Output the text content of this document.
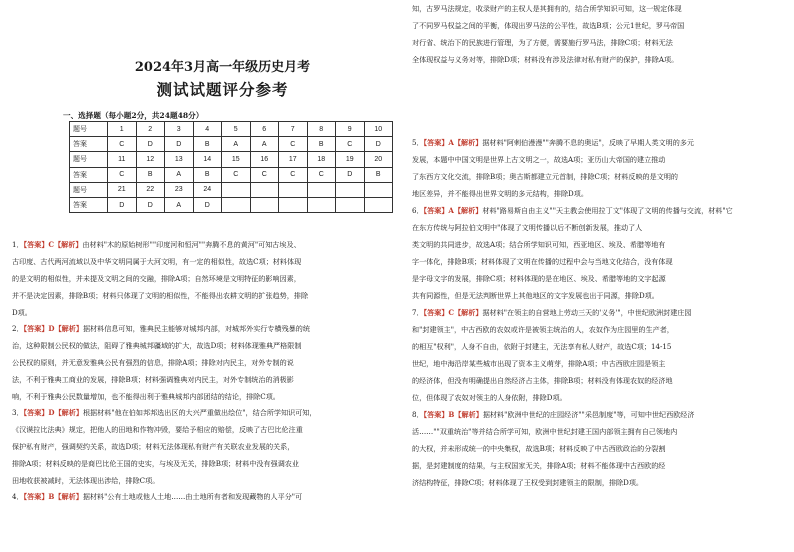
2024年3月高一年级历史月考
测试试题评分参考
一、选择题（每小题2分，共24题48分）
题号	1	2	3	4	5	6	7	8	9	10
答案	C	D	D	B	A	A	C	B	C	D
题号	11	12	13	14	15	16	17	18	19	20
答案	C	B	A	B	C	C	C	C	D	B
题号	21	22	23	24						
答案	D	D	A	D						
1．【答案】C【解析】由材料"木的原始树形""印度河和恒河""奔腾不息的黄河"可知古埃及、
古印度、古代两河流域以及中华文明同属于大河文明，有一定的相似性，故选C项；材料体现
的是文明的相似性，并未提及文明之间的交融，排除A项；自然环境是文明特征的影响因素，
并不是决定因素，排除B项；材料只体现了文明的相似性，不能得出农耕文明的扩张趋势，排除
D项。
2．【答案】D【解析】据材料信息可知，雅典民主能够对城邦内部，对城邦外实行专横残暴的统
治，这种限制公民权的做法，阻碍了雅典城邦疆域的扩大，故选D项；材料体现雅典严格限制
公民权的原则，并无意发雅典公民有强烈的信息，排除A项；排除对内民主，对外专制的说
法，不利于雅典工商业的发展，排除B项；材料强调雅典对内民主，对外专制统治的消极影
响，不利于雅典公民数量增加，也不能得出利于雅典城邦内部团结的结论，排除C项。
3．【答案】D【解析】根据材料"他在伯如邦邦选出区的大兴严重做出绘位"，结合所学知识可知，
《汉谟拉比法典》规定，把他人的田地和作物冲毁，要给予相应的赔偿，反映了古巴比伦注重
保护私有财产，强调契约关系，故选D项；材料无法体现私有财产有关联农业发展的关系，
排除A项；材料反映的是商巴比伦王国的史实，与埃及无关，排除B项；材料中没有强调农业
田地收获被减时，无法体现出涉给，排除C项。
4．【答案】B【解析】据材料"公有土地或他人土地……由土地所有者和发现藏物的人平分"可
知，古罗马法规定，收录财产的主权人是其拥有的，结合所学知识可知，这一规定体现
了不同罗马权益之间的平衡，体现出罗马法的公平性，故选B项；公元1世纪，罗马帝国
对行省、统治下的民族进行管理，为了方便，需要施行罗马法，排除C项；材料无法
全体现权益与义务对等，排除D项；材料没有涉及法律对私有财产的保护，排除A项。
5．【答案】A【解析】据材料"阿剌伯漫漫""奔腾不息的奥运"，反映了早期人类文明的多元
发展，本题中中国文明是世界上古文明之一，故选A项；亚历山大帝国的建立推动
了东西方文化交流，排除B项；奥古斯都建立元首制，排除C项；材料反映的是文明的
地区差异，并不能得出世界文明的多元结构，排除D项。
6．【答案】A【解析】材料"路易斯自由主义""天主教会使用拉丁文"体现了文明的传播与交流，材料"它
在东方传统与阿拉伯文明中"体现了文明传播以后不断创新发展，推动了人
类文明的共同进步，故选A项；结合所学知识可知，西亚地区、埃及、希腊等地有
字一体化，排除B项；材料体现了文明在传播的过程中会与当地文化结合，没有体现
是字母文字的发展，排除C项；材料体现的是在地区、埃及、希腊等地的文字起源
共有同源性，但是无法判断世界上其他地区的文字发展也出于同源，排除D项。
7．【答案】C【解析】据材料"在领主的自营地上劳动三天的'义务'"，中世纪欧洲封建庄园
和"封建领主"，中古西欧的农奴或许是被领主统治的人，农奴作为庄园里的生产者，
的相互"权利"，人身不自由，依附于封建主，无法享有私人财产，故选C项；14-15
世纪，地中海沿岸某些城市出现了资本主义萌芽，排除A项；中古西欧庄园是领主
的经济体，但没有明确提出自然经济占主体，排除B项；材料没有体现农奴的经济地
位，但体现了农奴对领主的人身依附，排除D项。
8．【答案】B【解析】据材料"欧洲中世纪的庄园经济""采邑制度"等，可知中世纪西欧经济
活……""双重统治"等并结合所学可知，欧洲中世纪封建王国内部领主拥有自己领地内
的大权，并未形成统一的中央集权，故选B项；材料反映了中古西欧政治的分裂割
据，是封建制度的结果，与主权国家无关，排除A项；材料不能体现中古西欧的经
济结构特征，排除C项；材料体现了王权受到封建领主的限制，排除D项。
